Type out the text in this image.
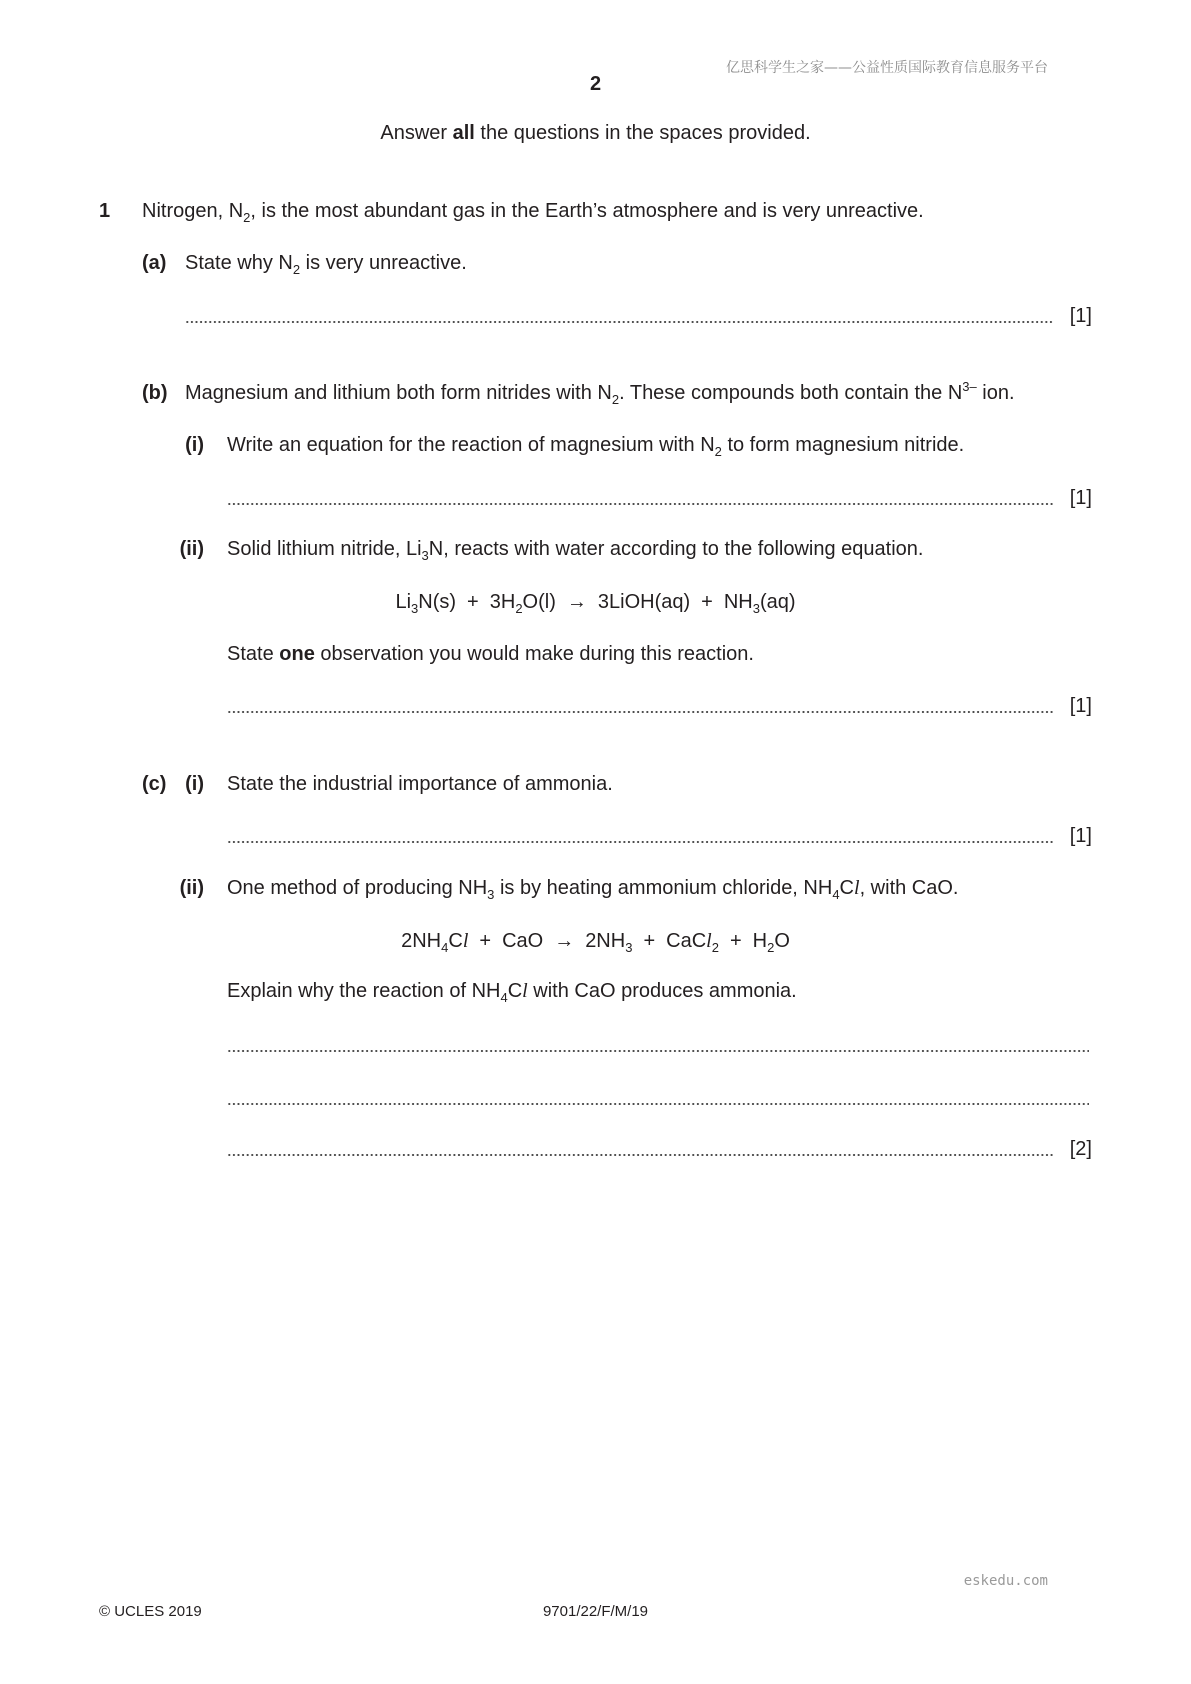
亿思科学生之家——公益性质国际教育信息服务平台
2
Answer all the questions in the spaces provided.
1 Nitrogen, $N_2$, is the most abundant gas in the Earth’s atmosphere and is very unreactive.
(a) State why $N_2$ is very unreactive.
[1]
(b) Magnesium and lithium both form nitrides with $N_2$. These compounds both contain the $N^{3-}$ ion.
(i) Write an equation for the reaction of magnesium with $N_2$ to form magnesium nitride.
[1]
(ii) Solid lithium nitride, $Li_3N$, reacts with water according to the following equation.
$Li_3N(s) + 3H_2O(l)$ → 3LiOH(aq) + $NH_3(aq)$
State one observation you would make during this reaction.
[1]
(c) (i) State the industrial importance of ammonia.
[1]
(ii) One method of producing $NH_3$ is by heating ammonium chloride, $NH_4Cl$, with CaO.
$2NH_4Cl$ + CaO → $2NH_3$ + CaCl$_2$ + $H_2O$
Explain why the reaction of $NH_4Cl$ with CaO produces ammonia.
[2]
eskedu.com
© UCLES 2019	9701/22/F/M/19
